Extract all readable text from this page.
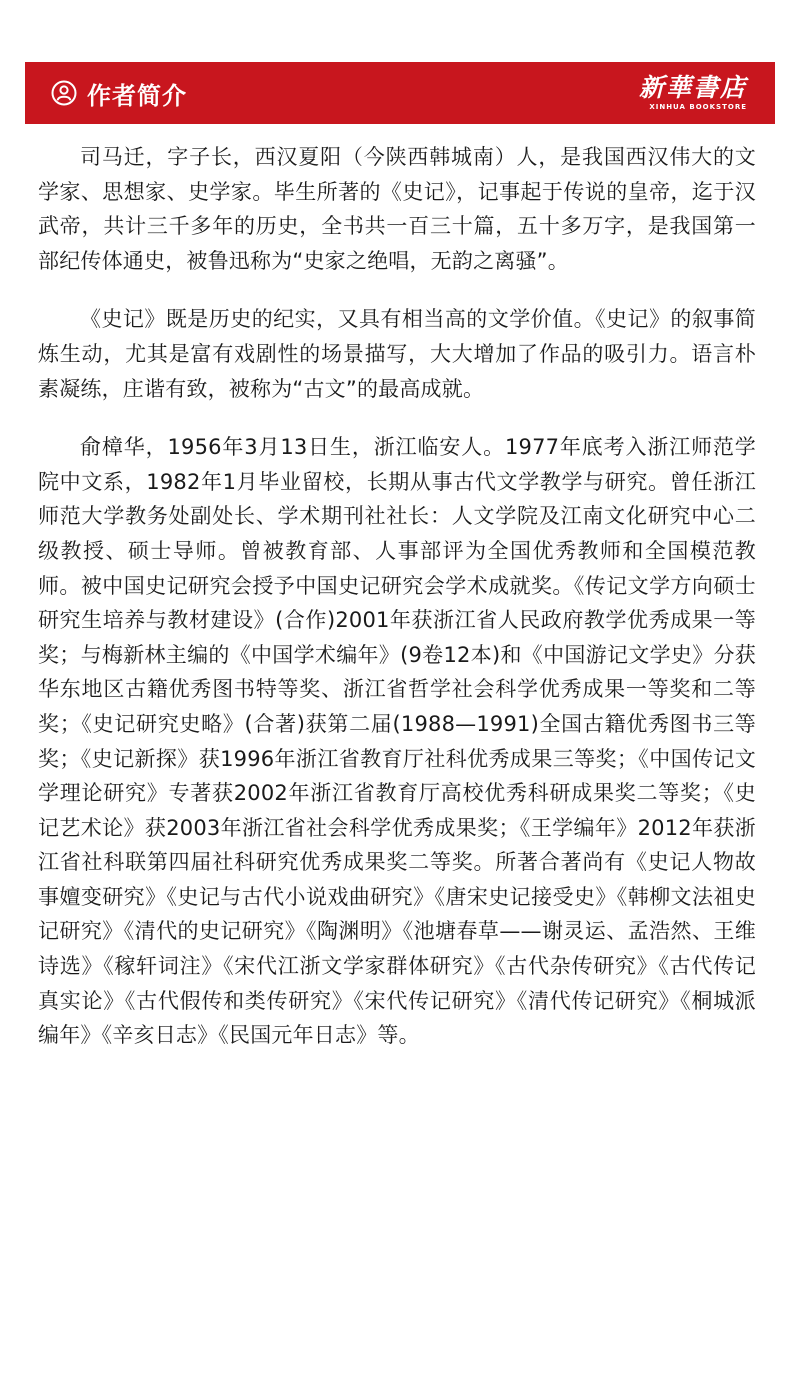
作者简介	新華書店
XINHUA BOOKSTORE

司马迁，字子长，西汉夏阳（今陕西韩城南）人，是我国西汉伟大的文学家、思想家、史学家。毕生所著的《史记》，记事起于传说的皇帝，迄于汉武帝，共计三千多年的历史，全书共一百三十篇，五十多万字，是我国第一部纪传体通史，被鲁迅称为“史家之绝唱，无韵之离骚”。

《史记》既是历史的纪实，又具有相当高的文学价值。《史记》的叙事简炼生动，尤其是富有戏剧性的场景描写，大大增加了作品的吸引力。语言朴素凝练，庄谐有致，被称为“古文”的最高成就。

俞樟华，1956年3月13日生，浙江临安人。1977年底考入浙江师范学院中文系，1982年1月毕业留校，长期从事古代文学教学与研究。曾任浙江师范大学教务处副处长、学术期刊社社长：人文学院及江南文化研究中心二级教授、硕士导师。曾被教育部、人事部评为全国优秀教师和全国模范教师。被中国史记研究会授予中国史记研究会学术成就奖。《传记文学方向硕士研究生培养与教材建设》(合作)2001年获浙江省人民政府教学优秀成果一等奖；与梅新林主编的《中国学术编年》(9卷12本)和《中国游记文学史》分获华东地区古籍优秀图书特等奖、浙江省哲学社会科学优秀成果一等奖和二等奖；《史记研究史略》(合著)获第二届(1988—1991)全国古籍优秀图书三等奖；《史记新探》获1996年浙江省教育厅社科优秀成果三等奖；《中国传记文学理论研究》专著获2002年浙江省教育厅高校优秀科研成果奖二等奖；《史记艺术论》获2003年浙江省社会科学优秀成果奖；《王学编年》2012年获浙江省社科联第四届社科研究优秀成果奖二等奖。所著合著尚有《史记人物故事嬗变研究》《史记与古代小说戏曲研究》《唐宋史记接受史》《韩柳文法祖史记研究》《清代的史记研究》《陶渊明》《池塘春草——谢灵运、孟浩然、王维诗选》《稼轩词注》《宋代江浙文学家群体研究》《古代杂传研究》《古代传记真实论》《古代假传和类传研究》《宋代传记研究》《清代传记研究》《桐城派编年》《辛亥日志》《民国元年日志》等。
